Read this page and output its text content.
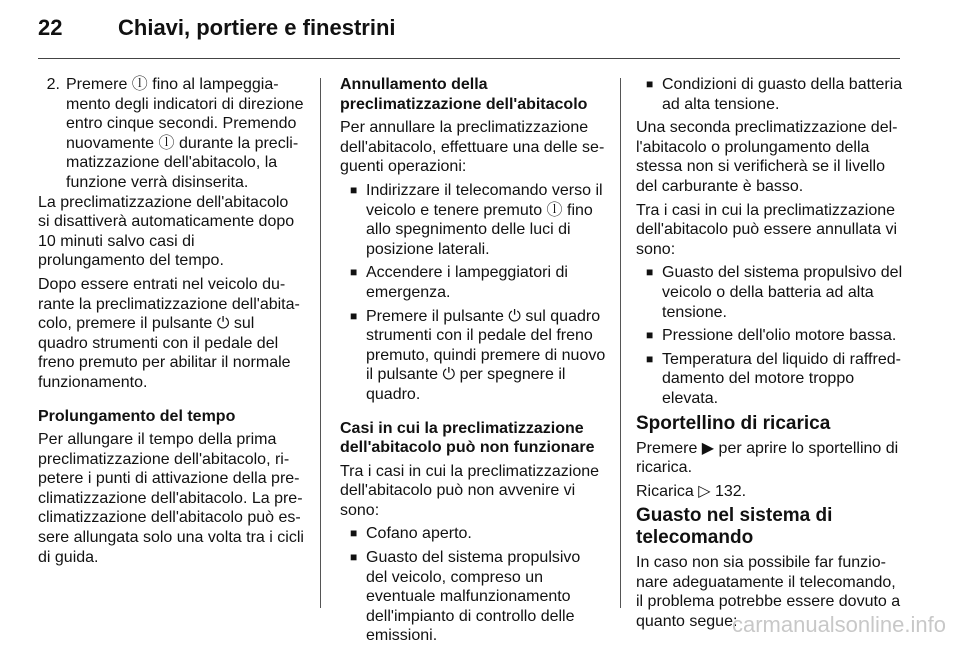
22	Chiavi, portiere e finestrini
2. Premere ⓛ fino al lampeggiamento degli indicatori di direzione entro cinque secondi. Premendo nuovamente ⓛ durante la preclimatizzazione dell'abitacolo, la funzione verrà disinserita.

La preclimatizzazione dell'abitacolo si disattiverà automaticamente dopo 10 minuti salvo casi di prolungamento del tempo.

Dopo essere entrati nel veicolo durante la preclimatizzazione dell'abitacolo, premere il pulsante ⏻ sul quadro strumenti con il pedale del freno premuto per abilitar il normale funzionamento.

Prolungamento del tempo

Per allungare il tempo della prima preclimatizzazione dell'abitacolo, ripetere i punti di attivazione della preclimatizzazione dell'abitacolo. La preclimatizzazione dell'abitacolo può essere allungata solo una volta tra i cicli di guida.

Annullamento della preclimatizzazione dell'abitacolo

Per annullare la preclimatizzazione dell'abitacolo, effettuare una delle seguenti operazioni:

■ Indirizzare il telecomando verso il veicolo e tenere premuto ⓛ fino allo spegnimento delle luci di posizione laterali.
■ Accendere i lampeggiatori di emergenza.
■ Premere il pulsante ⏻ sul quadro strumenti con il pedale del freno premuto, quindi premere di nuovo il pulsante ⏻ per spegnere il quadro.

Casi in cui la preclimatizzazione dell'abitacolo può non funzionare

Tra i casi in cui la preclimatizzazione dell'abitacolo può non avvenire vi sono:

■ Cofano aperto.
■ Guasto del sistema propulsivo del veicolo, compreso un eventuale malfunzionamento dell'impianto di controllo delle emissioni.
■ Condizioni di guasto della batteria ad alta tensione.

Una seconda preclimatizzazione dell'abitacolo o prolungamento della stessa non si verificherà se il livello del carburante è basso.

Tra i casi in cui la preclimatizzazione dell'abitacolo può essere annullata vi sono:

■ Guasto del sistema propulsivo del veicolo o della batteria ad alta tensione.
■ Pressione dell'olio motore bassa.
■ Temperatura del liquido di raffreddamento del motore troppo elevata.

Sportellino di ricarica

Premere ▶ per aprire lo sportellino di ricarica.

Ricarica ▷ 132.

Guasto nel sistema di telecomando

In caso non sia possibile far funzionare adeguatamente il telecomando, il problema potrebbe essere dovuto a quanto segue:

carmanualsonline.info
